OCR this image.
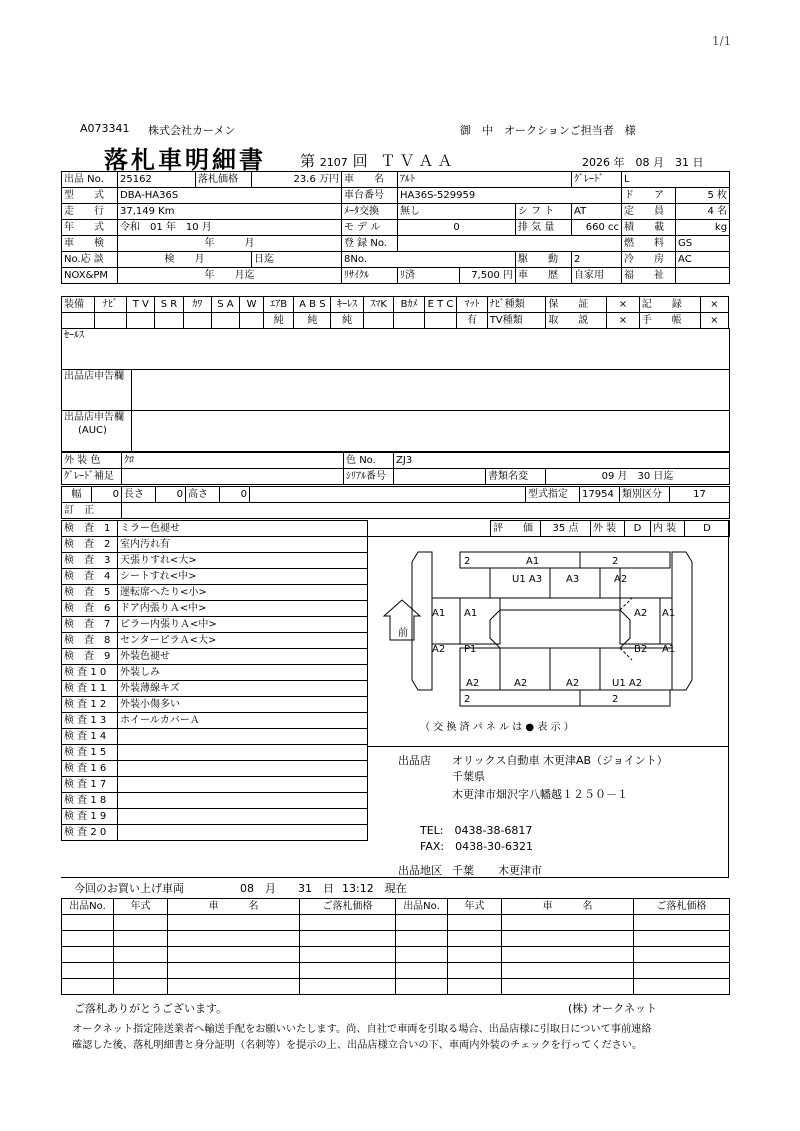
1/1
A073341 株式会社カーメン	御　中　オークションご担当者　様
落札車明細書 第 2107 回 ＴＶＡＡ	2026 年　08 月　31 日
出品 No.	25162	落札価格	23.6 万円	車　　名	ｱﾙﾄ			ｸﾞﾚｰﾄﾞ	L	
型　　式	DBA-HA36S			車台番号	HA36S-529959				ド　　ア	5 枚
走　　行	37,149 Km			ﾒｰﾀ交換	無し		シ フ ト	AT	定　　員	4 名
年　　式	令和　01 年　10 月			モ デ ル	0		排 気 量	660 cc	積　　載	kg
車　　検	年　　　月			登 録 No.					燃　　料	GS
No.応 談	検　　月		日迄	8No.			駆　　動	2	冷　　房	AC
NOX&PM	年　　月迄			ﾘｻｲｸﾙ	ﾘ済	7,500 円	車　　歴	自家用	福　　祉	
装備	ﾅﾋﾞ	T V	S R	ｶﾜ	S A	W	ｴｱB	A B S	ｷｰﾚｽ	ｽﾏK	Bｶﾒ	E T C	ﾏｯﾄ	ﾅﾋﾞ種類	保　　証	×	記　　録	×
							純	純	純				有	TV種類	取　　説	×	手　　帳	×
ｾｰﾙｽ	
出品店申告欄	

出品店申告欄
(AUC)	

外 装 色	ｸﾛ	色 No.	ZJ3		
ｸﾞﾚｰﾄﾞ補足		ｼﾘｱﾙ番号		書類名変	09 月　30 日迄
幅	0	長さ	0	高さ	0		型式指定	17954	類別区分	17
訂　正										
検　査　1	ミラー色褪せ
検　査　2	室内汚れ有
検　査　3	天張りすれ<大>
検　査　4	シートすれ<中>
検　査　5	運転席へたり<小>
検　査　6	ドア内張りＡ<中>
検　査　7	ピラー内張りＡ<中>
検　査　8	センターピラＡ<大>
検　査　9	外装色褪せ
検 査 1 0	外装しみ
検 査 1 1	外装薄線キズ
検 査 1 2	外装小傷多い
検 査 1 3	ホイールカバーＡ
検 査 1 4	
検 査 1 5	
検 査 1 6	
検 査 1 7	
検 査 1 8	
検 査 1 9	
検 査 2 0	
評　　価	35 点	外 装	D	内 装	D
前
2	2
A1
U1 A3 A3	A2
A1 A1	A2 A1
A2 P1	B2 A1
A2	A2	A2	U1 A2
2	2
（ 交 換 済 パ ネ ル は ● 表 示 ）
出品店 オリックス自動車 木更津AB（ジョイント）
千葉県
木更津市畑沢字八幡越１２５０－１
TEL:　0438-38-6817
FAX:　0438-30-6321
出品地区 千葉 木更津市
今回のお買い上げ車両	08　月　　31　日 13:12　現在
出品No.	年式	車　　　名	ご落札価格	出品No.	年式	車　　　名	ご落札価格

ご落札ありがとうございます。	(株) オークネット
オークネット指定陸送業者へ輸送手配をお願いいたします。尚、自社で車両を引取る場合、出品店様に引取日について事前連絡
確認した後、落札明細書と身分証明（名刺等）を提示の上、出品店様立合いの下、車両内外装のチェックを行ってください。
